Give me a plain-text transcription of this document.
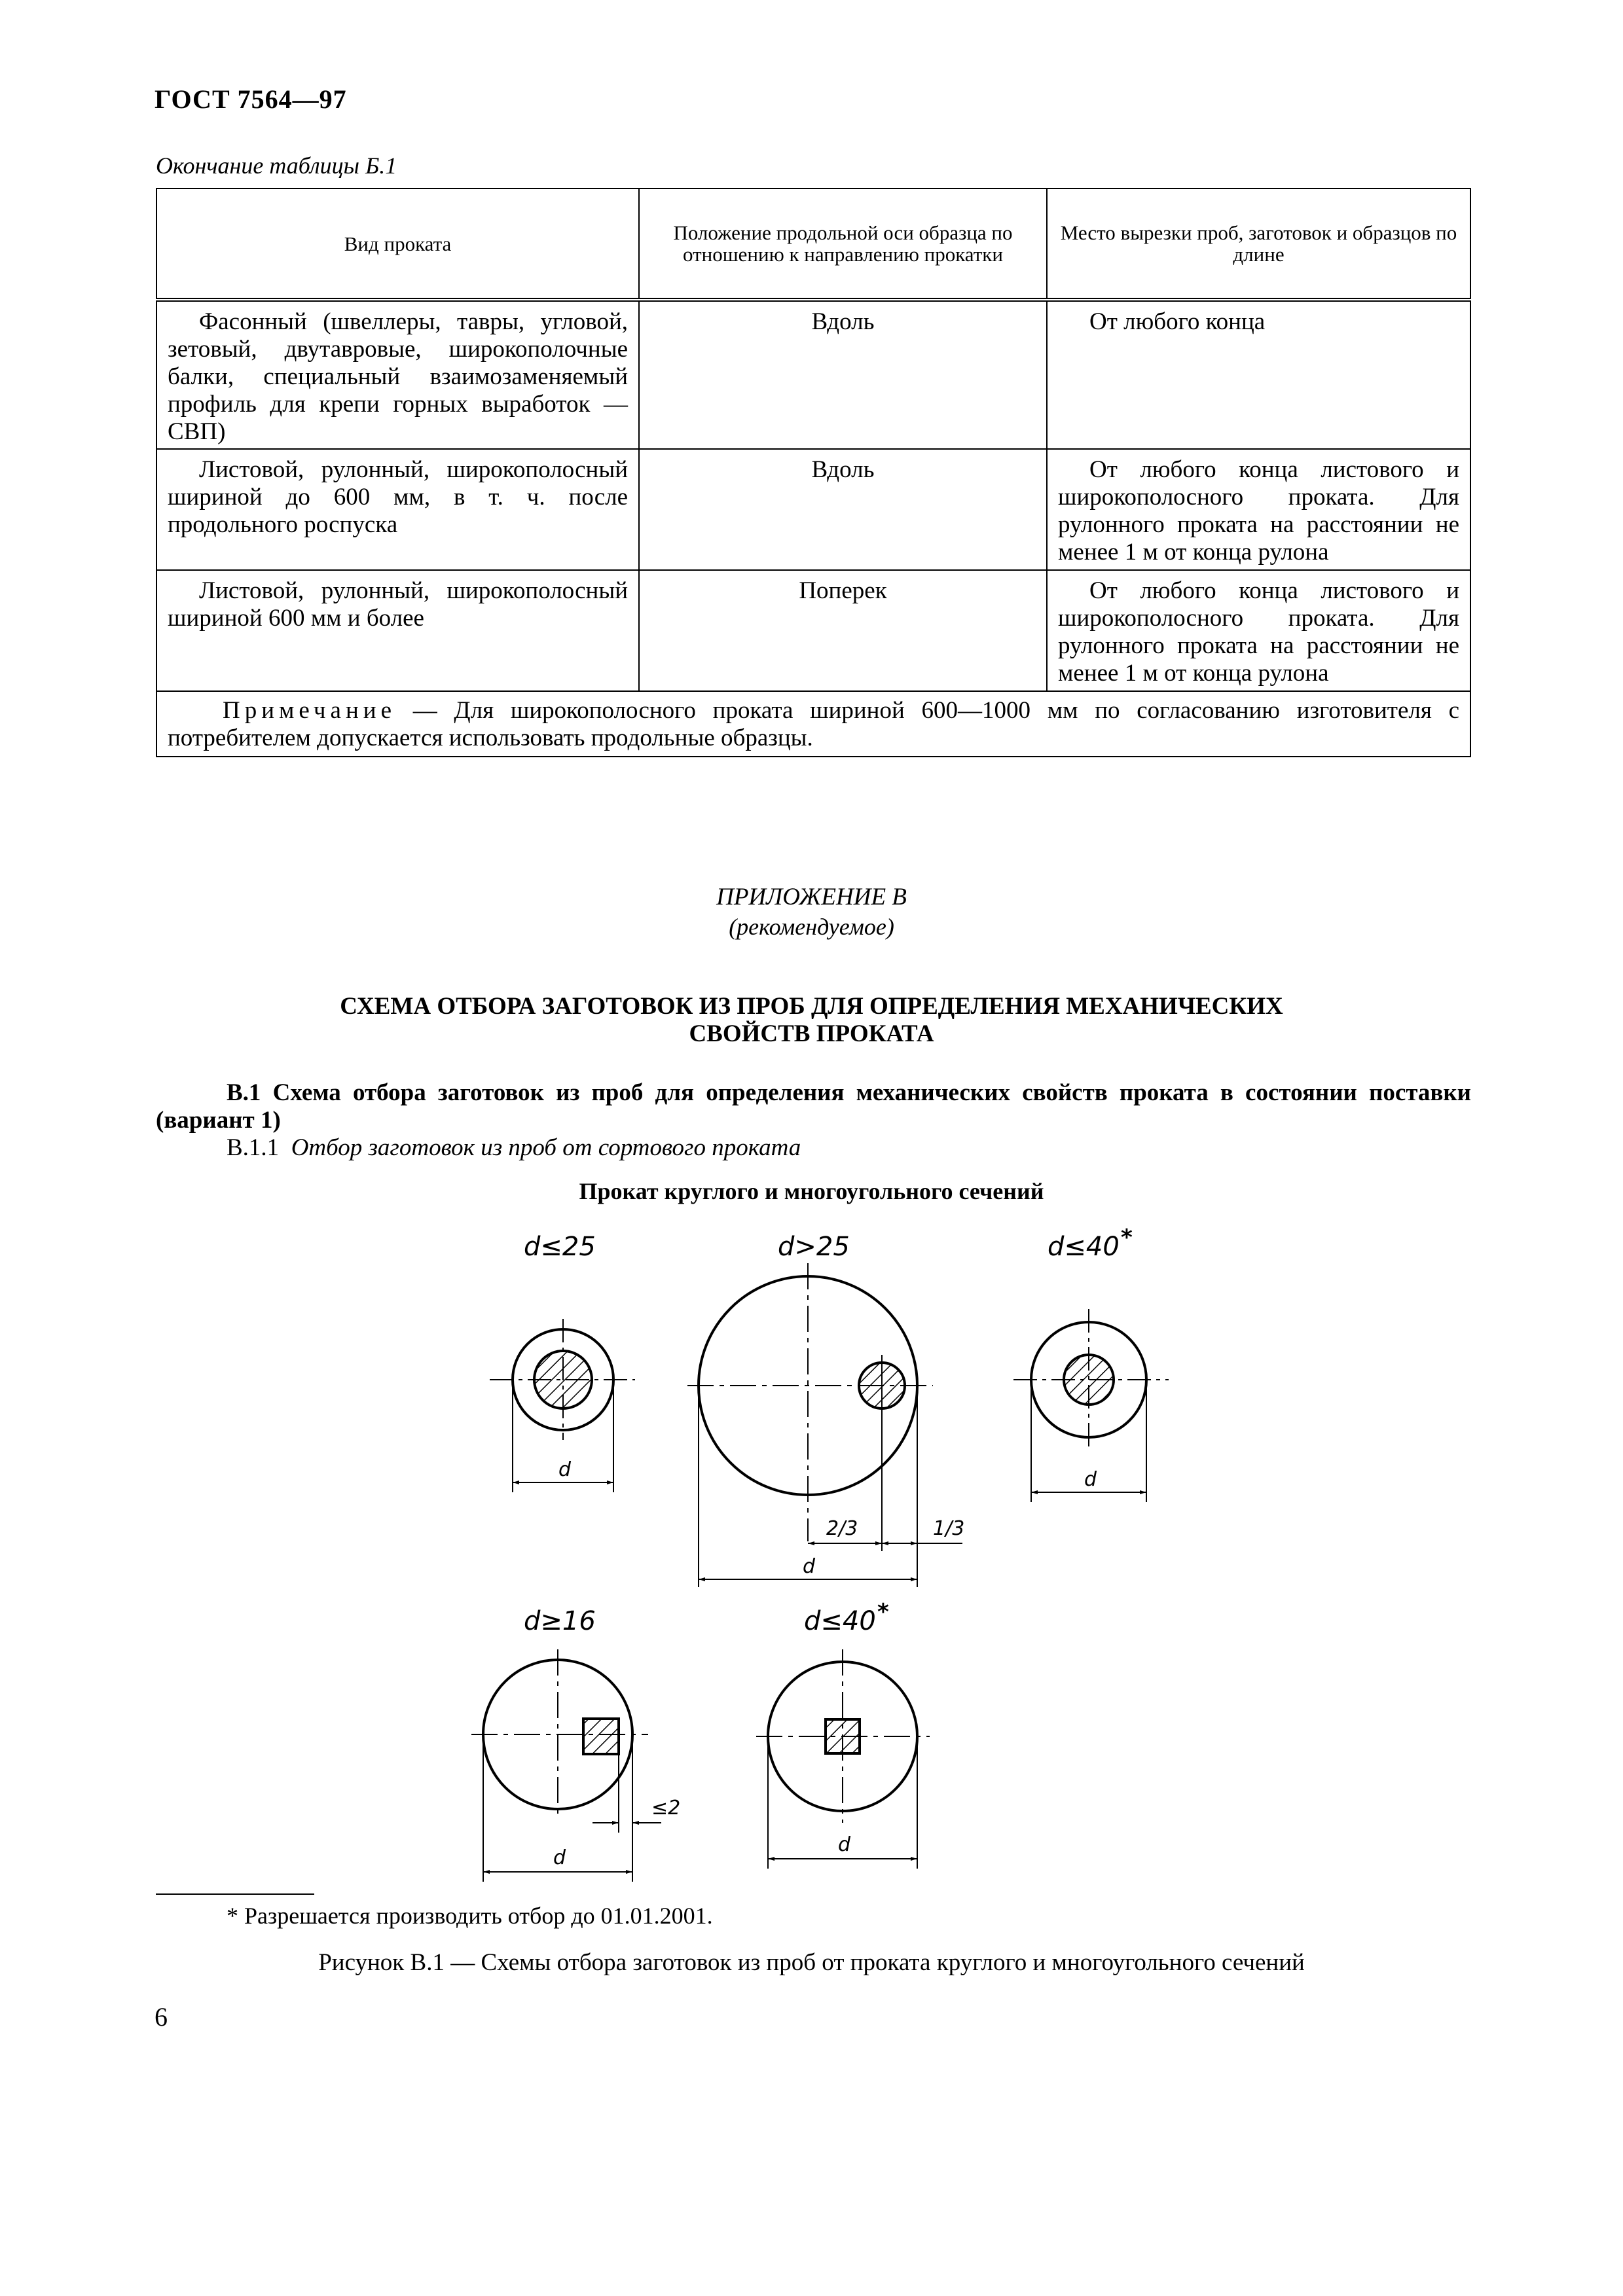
ГОСТ 7564—97
Окончание таблицы Б.1
Вид проката	Положение продольной оси образца по отношению к направлению прокатки	Место вырезки проб, заготовок и образцов по длине
Фасонный (швеллеры, тавры, угловой, зетовый, двутавровые, широкополочные балки, специальный взаимозаменяемый профиль для крепи горных выработок — СВП)	Вдоль	От любого конца
Листовой, рулонный, широкополосный шириной до 600 мм, в т. ч. после продольного роспуска	Вдоль	От любого конца листового и широкополосного проката. Для рулонного проката на расстоянии не менее 1 м от конца рулона
Листовой, рулонный, широкополосный шириной 600 мм и более	Поперек	От любого конца листового и широкополосного проката. Для рулонного проката на расстоянии не менее 1 м от конца рулона
Примечание — Для широкополосного проката шириной 600—1000 мм по согласованию изготовителя с потребителем допускается использовать продольные образцы.		
ПРИЛОЖЕНИЕ В
(рекомендуемое)
СХЕМА ОТБОРА ЗАГОТОВОК ИЗ ПРОБ ДЛЯ ОПРЕДЕЛЕНИЯ МЕХАНИЧЕСКИХ
СВОЙСТВ ПРОКАТА
В.1 Схема отбора заготовок из проб для определения механических свойств проката в состоянии поставки (вариант 1)
В.1.1 Отбор заготовок из проб от сортового проката
Прокат круглого и многоугольного сечений
d≤25	d>25	d≤40 *
d≥16	d≤40 *
d
2/3	1/3
d
d
≤2
d
d
* Разрешается производить отбор до 01.01.2001.
Рисунок В.1 — Схемы отбора заготовок из проб от проката круглого и многоугольного сечений
6
